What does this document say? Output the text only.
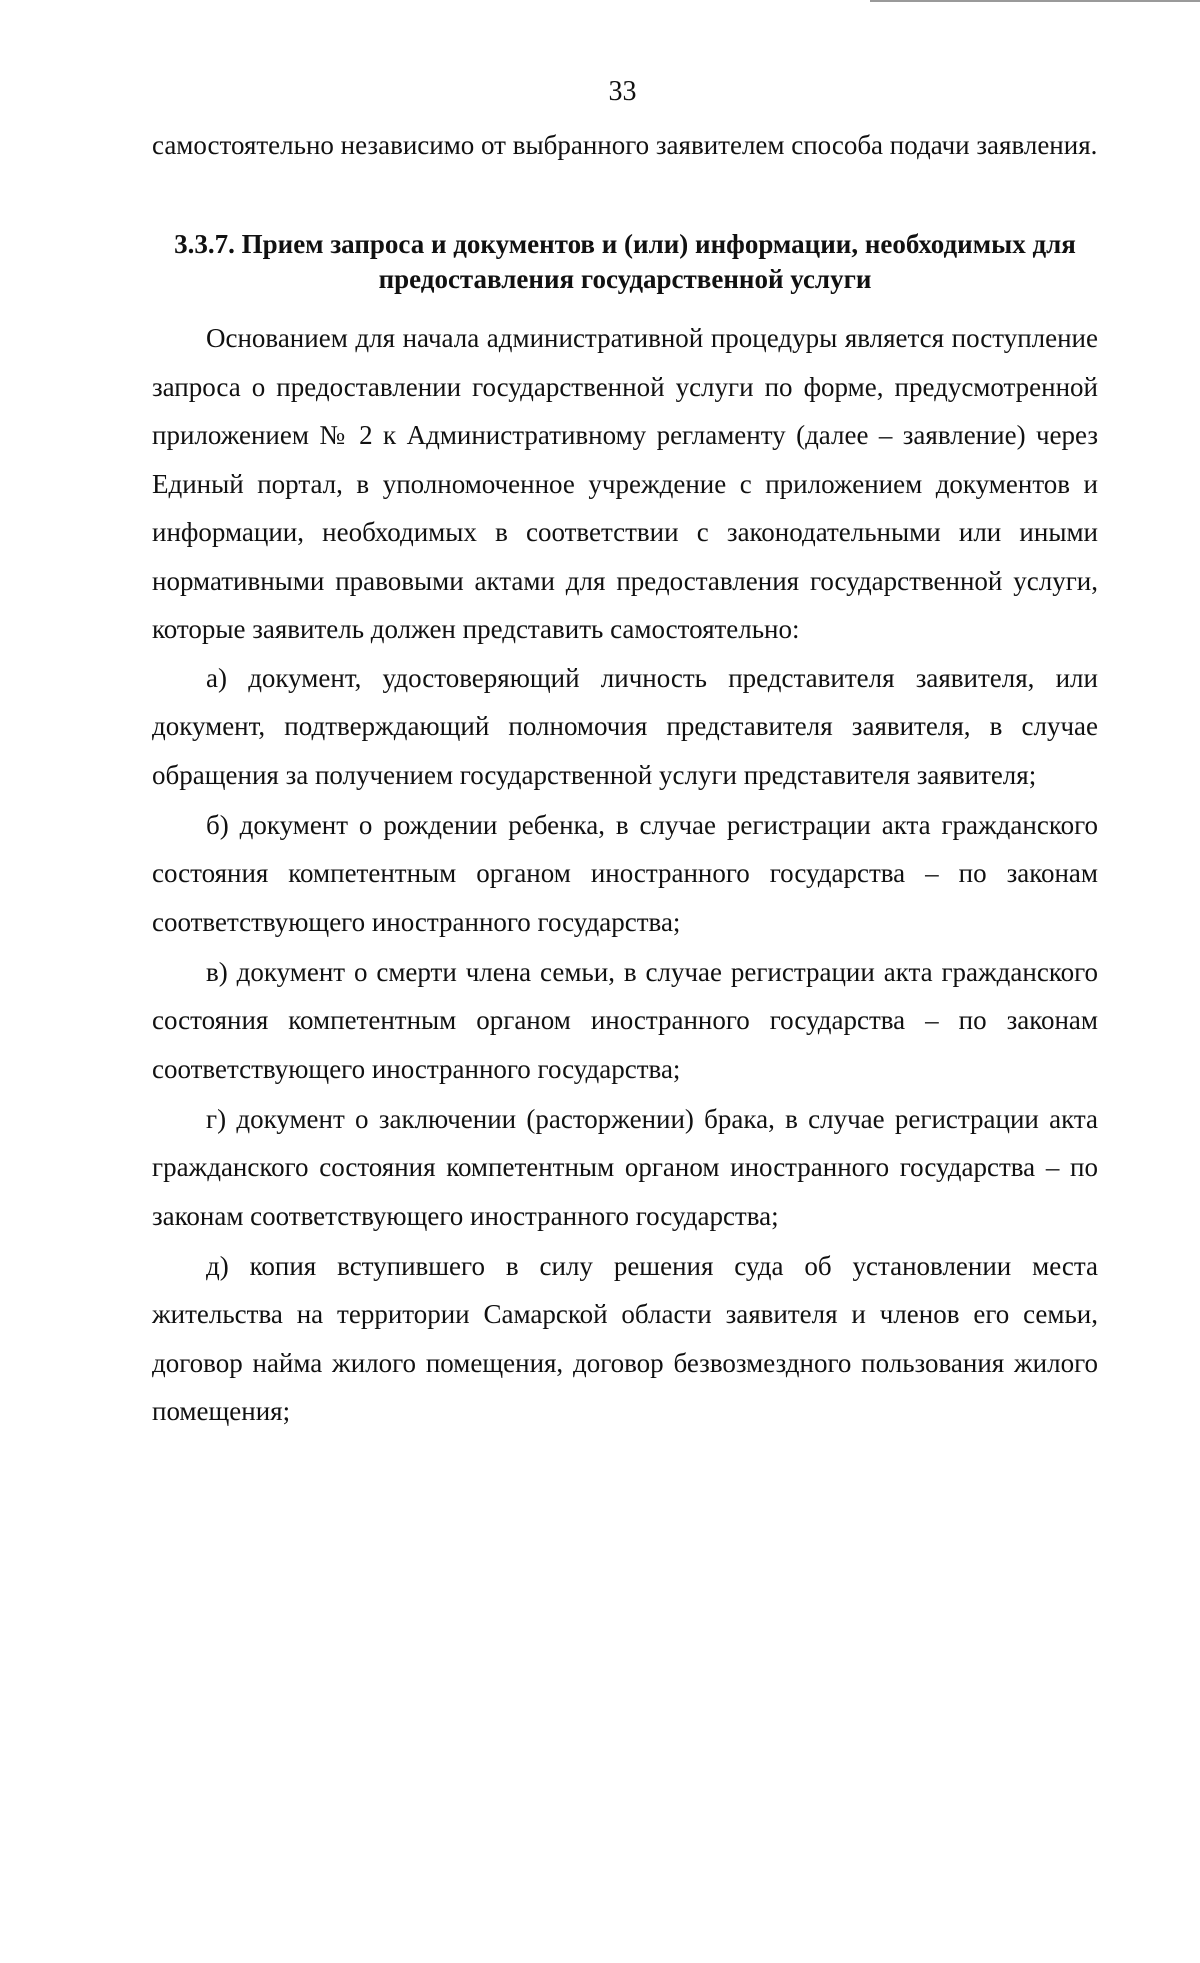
33

самостоятельно независимо от выбранного заявителем способа подачи заявления.

3.3.7. Прием запроса и документов и (или) информации, необходимых для предоставления государственной услуги

Основанием для начала административной процедуры является поступление запроса о предоставлении государственной услуги по форме, предусмотренной приложением № 2 к Административному регламенту (далее – заявление) через Единый портал, в уполномоченное учреждение с приложением документов и информации, необходимых в соответствии с законодательными или иными нормативными правовыми актами для предоставления государственной услуги, которые заявитель должен представить самостоятельно:

а) документ, удостоверяющий личность представителя заявителя, или документ, подтверждающий полномочия представителя заявителя, в случае обращения за получением государственной услуги представителя заявителя;

б) документ о рождении ребенка, в случае регистрации акта гражданского состояния компетентным органом иностранного государства – по законам соответствующего иностранного государства;

в) документ о смерти члена семьи, в случае регистрации акта гражданского состояния компетентным органом иностранного государства – по законам соответствующего иностранного государства;

г) документ о заключении (расторжении) брака, в случае регистрации акта гражданского состояния компетентным органом иностранного государства – по законам соответствующего иностранного государства;

д) копия вступившего в силу решения суда об установлении места жительства на территории Самарской области заявителя и членов его семьи, договор найма жилого помещения, договор безвозмездного пользования жилого помещения;
